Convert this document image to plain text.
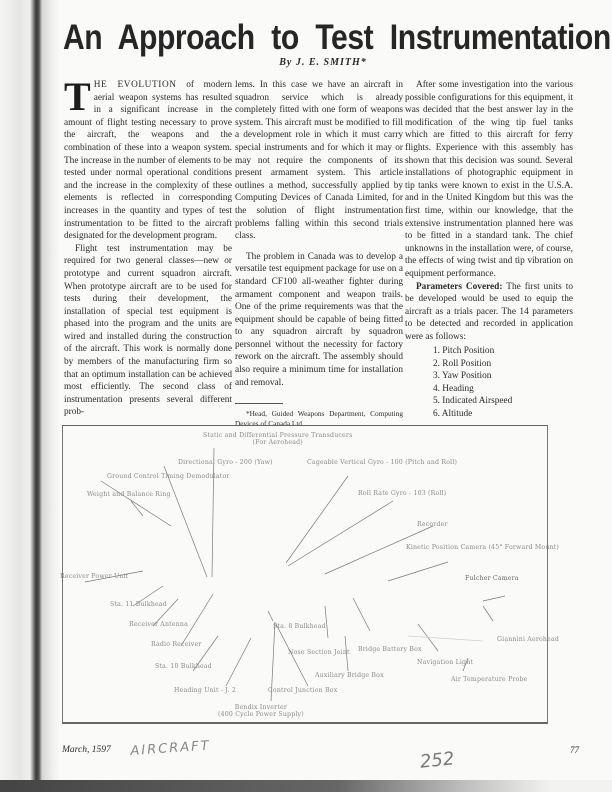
An Approach to Test Instrumentation
By J. E. SMITH*

THE EVOLUTION of modern aerial weapon systems has resulted in a significant increase in the amount of flight testing necessary to prove the aircraft, the weapons and the combination of these into a weapon system. The increase in the number of elements to be tested under normal operational conditions and the increase in the complexity of these elements is reflected in corresponding increases in the quantity and types of test instrumentation to be fitted to the aircraft designated for the development program.

Flight test instrumentation may be required for two general classes—new or prototype and current squadron aircraft. When prototype aircraft are to be used for tests during their development, the installation of special test equipment is phased into the program and the units are wired and installed during the construction of the aircraft. This work is normally done by members of the manufacturing firm so that an optimum installation can be achieved most efficiently. The second class of instrumentation presents several different prob-

lems. In this case we have an aircraft in squadron service which is already completely fitted with one form of weapons system. This aircraft must be modified to fill a development role in which it must carry special instruments and for which it may or may not require the components of its present armament system. This article outlines a method, successfully applied by Computing Devices of Canada Limited, for the solution of flight instrumentation problems falling within this second trials class.

The problem in Canada was to develop a versatile test equipment package for use on a standard CF100 all-weather fighter during armament component and weapon trails. One of the prime requirements was that the equipment should be capable of being fitted to any squadron aircraft by squadron personnel without the necessity for factory rework on the aircraft. The assembly should also require a minimum time for installation and removal.

*Head, Guided Weapons Department, Computing Devices of Canada Ltd.

After some investigation into the various possible configurations for this equipment, it was decided that the best answer lay in the modification of the wing tip fuel tanks which are fitted to this aircraft for ferry flights. Experience with this assembly has shown that this decision was sound. Several installations of photographic equipment in tip tanks were known to exist in the U.S.A. and in the United Kingdom but this was the first time, within our knowledge, that the extensive instrumentation planned here was to be fitted in a standard tank. The chief unknowns in the installation were, of course, the effects of wing twist and tip vibration on equipment performance.

Parameters Covered: The first units to be developed would be used to equip the aircraft as a trials pacer. The 14 parameters to be detected and recorded in application were as follows:

1. Pitch Position
2. Roll Position
3. Yaw Position
4. Heading
5. Indicated Airspeed
6. Altitude
Static and Differential Pressure Transducers
(For Aerohead)
Directional Gyro - 200 (Yaw)	Cageable Vertical Gyro - 100 (Pitch and Roll)
Ground Control Timing Demodulator
Roll Rate Gyro - 103 (Roll)
Weight and Balance Ring
Recorder
Kinetic Position Camera (45° Forward Mount)
Receiver Power Unit	Fulcher Camera
Sta. 11 Bulkhead
Receiver Antenna	Sta. 8 Bulkhead
Giannini Aerohead
Radio Receiver
Nose Section Joint Bridge Battery Box
Navigation Light
Sta. 10 Bulkhead
Auxiliary Bridge Box
Air Temperature Probe
Heading Unit - J. 2	Control Junction Box
Bendix Inverter
(400 Cycle Power Supply)
March, 1597 AIRCRAFT	252	77
